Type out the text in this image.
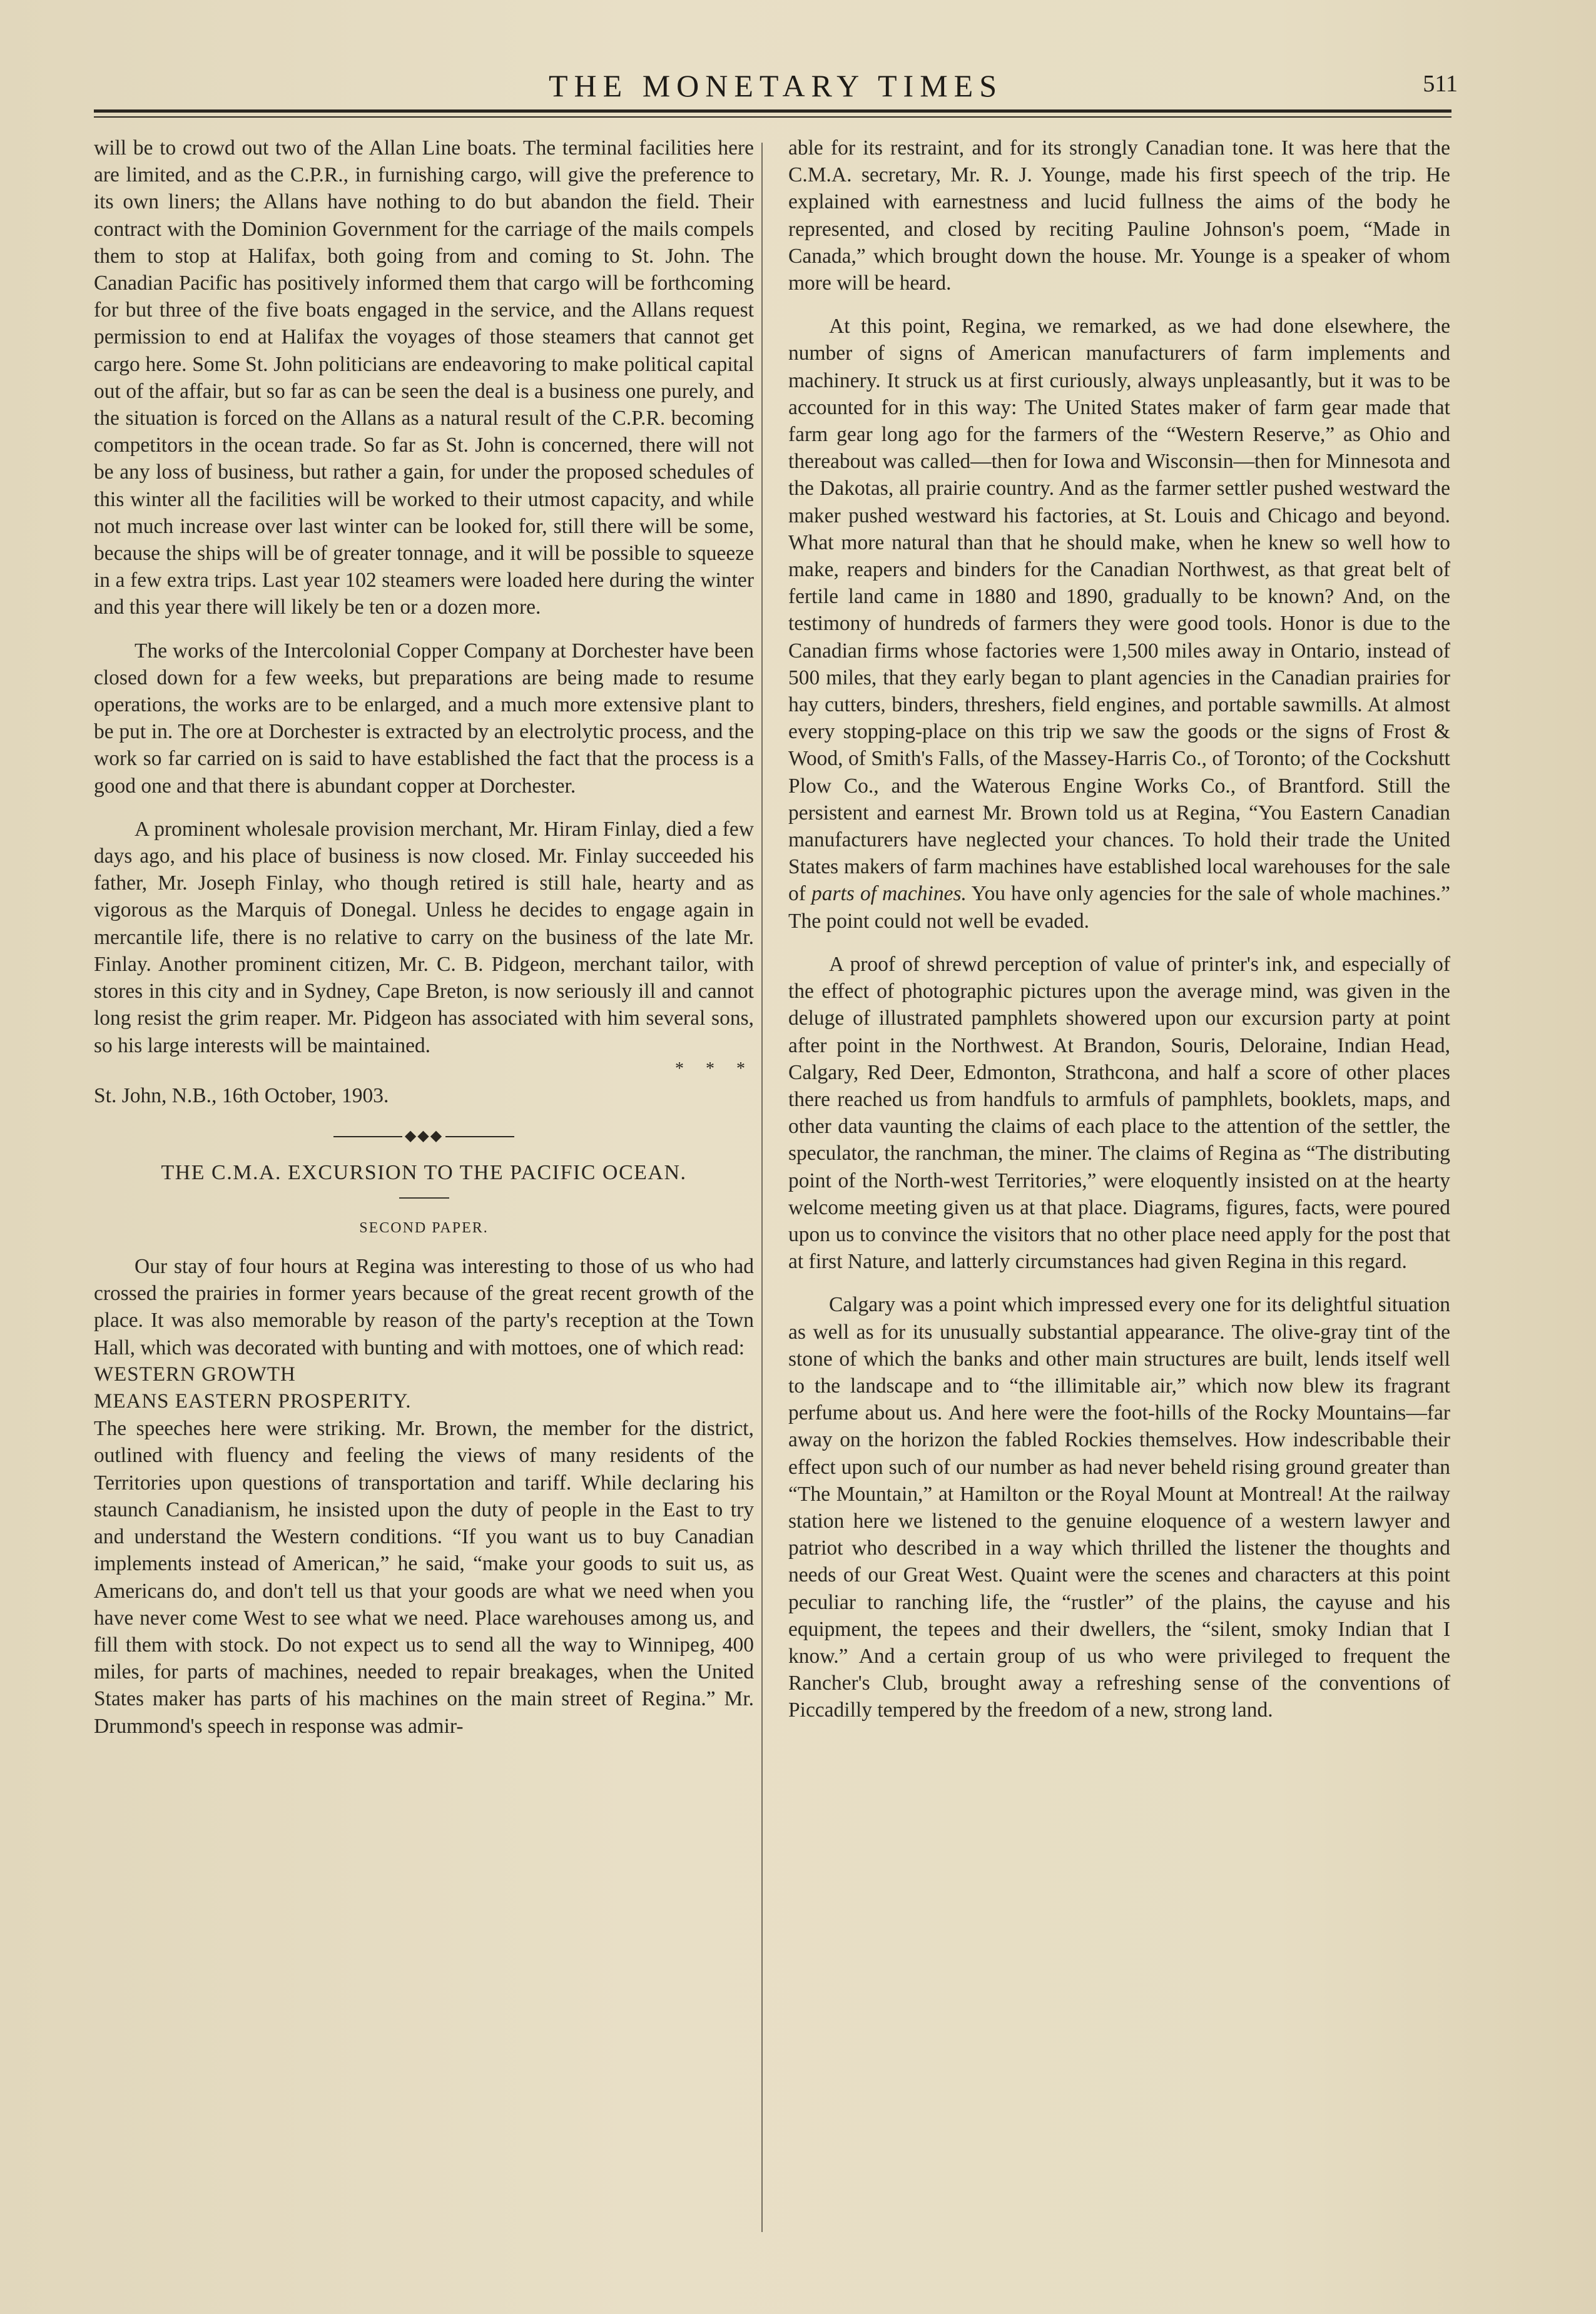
THE MONETARY TIMES	511

will be to crowd out two of the Allan Line boats. The terminal facilities here are limited, and as the C.P.R., in furnishing cargo, will give the preference to its own liners; the Allans have nothing to do but abandon the field. Their contract with the Dominion Government for the carriage of the mails compels them to stop at Halifax, both going from and coming to St. John. The Canadian Pacific has positively informed them that cargo will be forthcoming for but three of the five boats engaged in the service, and the Allans request permission to end at Halifax the voyages of those steamers that cannot get cargo here. Some St. John politicians are endeavoring to make political capital out of the affair, but so far as can be seen the deal is a business one purely, and the situation is forced on the Allans as a natural result of the C.P.R. becoming competitors in the ocean trade. So far as St. John is concerned, there will not be any loss of business, but rather a gain, for under the proposed schedules of this winter all the facilities will be worked to their utmost capacity, and while not much increase over last winter can be looked for, still there will be some, because the ships will be of greater tonnage, and it will be possible to squeeze in a few extra trips. Last year 102 steamers were loaded here during the winter and this year there will likely be ten or a dozen more.

The works of the Intercolonial Copper Company at Dorchester have been closed down for a few weeks, but preparations are being made to resume operations, the works are to be enlarged, and a much more extensive plant to be put in. The ore at Dorchester is extracted by an electrolytic process, and the work so far carried on is said to have established the fact that the process is a good one and that there is abundant copper at Dorchester.

A prominent wholesale provision merchant, Mr. Hiram Finlay, died a few days ago, and his place of business is now closed. Mr. Finlay succeeded his father, Mr. Joseph Finlay, who though retired is still hale, hearty and as vigorous as the Marquis of Donegal. Unless he decides to engage again in mercantile life, there is no relative to carry on the business of the late Mr. Finlay. Another prominent citizen, Mr. C. B. Pidgeon, merchant tailor, with stores in this city and in Sydney, Cape Breton, is now seriously ill and cannot long resist the grim reaper. Mr. Pidgeon has associated with him several sons, so his large interests will be maintained.

* * *

St. John, N.B., 16th October, 1903.

◆◆◆
THE C.M.A. EXCURSION TO THE PACIFIC OCEAN.
SECOND PAPER.

Our stay of four hours at Regina was interesting to those of us who had crossed the prairies in former years because of the great recent growth of the place. It was also memorable by reason of the party's reception at the Town Hall, which was decorated with bunting and with mottoes, one of which read:

WESTERN GROWTH

MEANS EASTERN PROSPERITY.

The speeches here were striking. Mr. Brown, the member for the district, outlined with fluency and feeling the views of many residents of the Territories upon questions of transportation and tariff. While declaring his staunch Canadianism, he insisted upon the duty of people in the East to try and understand the Western conditions. “If you want us to buy Canadian implements instead of American,” he said, “make your goods to suit us, as Americans do, and don't tell us that your goods are what we need when you have never come West to see what we need. Place warehouses among us, and fill them with stock. Do not expect us to send all the way to Winnipeg, 400 miles, for parts of machines, needed to repair breakages, when the United States maker has parts of his machines on the main street of Regina.” Mr. Drummond's speech in response was admir-

able for its restraint, and for its strongly Canadian tone. It was here that the C.M.A. secretary, Mr. R. J. Younge, made his first speech of the trip. He explained with earnestness and lucid fullness the aims of the body he represented, and closed by reciting Pauline Johnson's poem, “Made in Canada,” which brought down the house. Mr. Younge is a speaker of whom more will be heard.

At this point, Regina, we remarked, as we had done elsewhere, the number of signs of American manufacturers of farm implements and machinery. It struck us at first curiously, always unpleasantly, but it was to be accounted for in this way: The United States maker of farm gear made that farm gear long ago for the farmers of the “Western Reserve,” as Ohio and thereabout was called—then for Iowa and Wisconsin—then for Minnesota and the Dakotas, all prairie country. And as the farmer settler pushed westward the maker pushed westward his factories, at St. Louis and Chicago and beyond. What more natural than that he should make, when he knew so well how to make, reapers and binders for the Canadian Northwest, as that great belt of fertile land came in 1880 and 1890, gradually to be known? And, on the testimony of hundreds of farmers they were good tools. Honor is due to the Canadian firms whose factories were 1,500 miles away in Ontario, instead of 500 miles, that they early began to plant agencies in the Canadian prairies for hay cutters, binders, threshers, field engines, and portable sawmills. At almost every stopping-place on this trip we saw the goods or the signs of Frost & Wood, of Smith's Falls, of the Massey-Harris Co., of Toronto; of the Cockshutt Plow Co., and the Waterous Engine Works Co., of Brantford. Still the persistent and earnest Mr. Brown told us at Regina, “You Eastern Canadian manufacturers have neglected your chances. To hold their trade the United States makers of farm machines have established local warehouses for the sale of parts of machines. You have only agencies for the sale of whole machines.” The point could not well be evaded.

A proof of shrewd perception of value of printer's ink, and especially of the effect of photographic pictures upon the average mind, was given in the deluge of illustrated pamphlets showered upon our excursion party at point after point in the Northwest. At Brandon, Souris, Deloraine, Indian Head, Calgary, Red Deer, Edmonton, Strathcona, and half a score of other places there reached us from handfuls to armfuls of pamphlets, booklets, maps, and other data vaunting the claims of each place to the attention of the settler, the speculator, the ranchman, the miner. The claims of Regina as “The distributing point of the North-west Territories,” were eloquently insisted on at the hearty welcome meeting given us at that place. Diagrams, figures, facts, were poured upon us to convince the visitors that no other place need apply for the post that at first Nature, and latterly circumstances had given Regina in this regard.

Calgary was a point which impressed every one for its delightful situation as well as for its unusually substantial appearance. The olive-gray tint of the stone of which the banks and other main structures are built, lends itself well to the landscape and to “the illimitable air,” which now blew its fragrant perfume about us. And here were the foot-hills of the Rocky Mountains—far away on the horizon the fabled Rockies themselves. How indescribable their effect upon such of our number as had never beheld rising ground greater than “The Mountain,” at Hamilton or the Royal Mount at Montreal! At the railway station here we listened to the genuine eloquence of a western lawyer and patriot who described in a way which thrilled the listener the thoughts and needs of our Great West. Quaint were the scenes and characters at this point peculiar to ranching life, the “rustler” of the plains, the cayuse and his equipment, the tepees and their dwellers, the “silent, smoky Indian that I know.” And a certain group of us who were privileged to frequent the Rancher's Club, brought away a refreshing sense of the conventions of Piccadilly tempered by the freedom of a new, strong land.
